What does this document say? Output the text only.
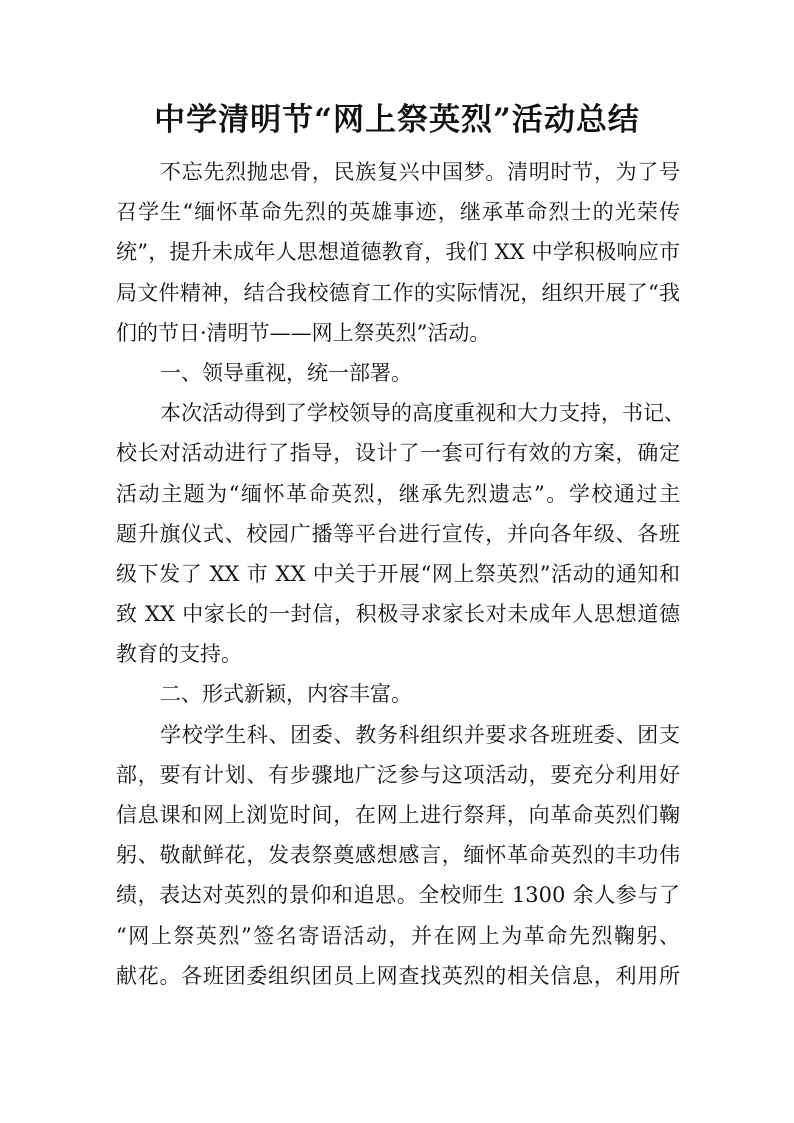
中学清明节“网上祭英烈”活动总结
不忘先烈抛忠骨，民族复兴中国梦。清明时节，为了号
召学生“缅怀革命先烈的英雄事迹，继承革命烈士的光荣传
统”，提升未成年人思想道德教育，我们 XX 中学积极响应市
局文件精神，结合我校德育工作的实际情况，组织开展了“我
们的节日·清明节——网上祭英烈”活动。
一、领导重视，统一部署。
本次活动得到了学校领导的高度重视和大力支持，书记、
校长对活动进行了指导，设计了一套可行有效的方案，确定
活动主题为“缅怀革命英烈，继承先烈遗志”。学校通过主
题升旗仪式、校园广播等平台进行宣传，并向各年级、各班
级下发了 XX 市 XX 中关于开展“网上祭英烈”活动的通知和
致 XX 中家长的一封信，积极寻求家长对未成年人思想道德
教育的支持。
二、形式新颖，内容丰富。
学校学生科、团委、教务科组织并要求各班班委、团支
部，要有计划、有步骤地广泛参与这项活动，要充分利用好
信息课和网上浏览时间，在网上进行祭拜，向革命英烈们鞠
躬、敬献鲜花，发表祭奠感想感言，缅怀革命英烈的丰功伟
绩，表达对英烈的景仰和追思。全校师生 1300 余人参与了
“网上祭英烈”签名寄语活动，并在网上为革命先烈鞠躬、
献花。各班团委组织团员上网查找英烈的相关信息，利用所
